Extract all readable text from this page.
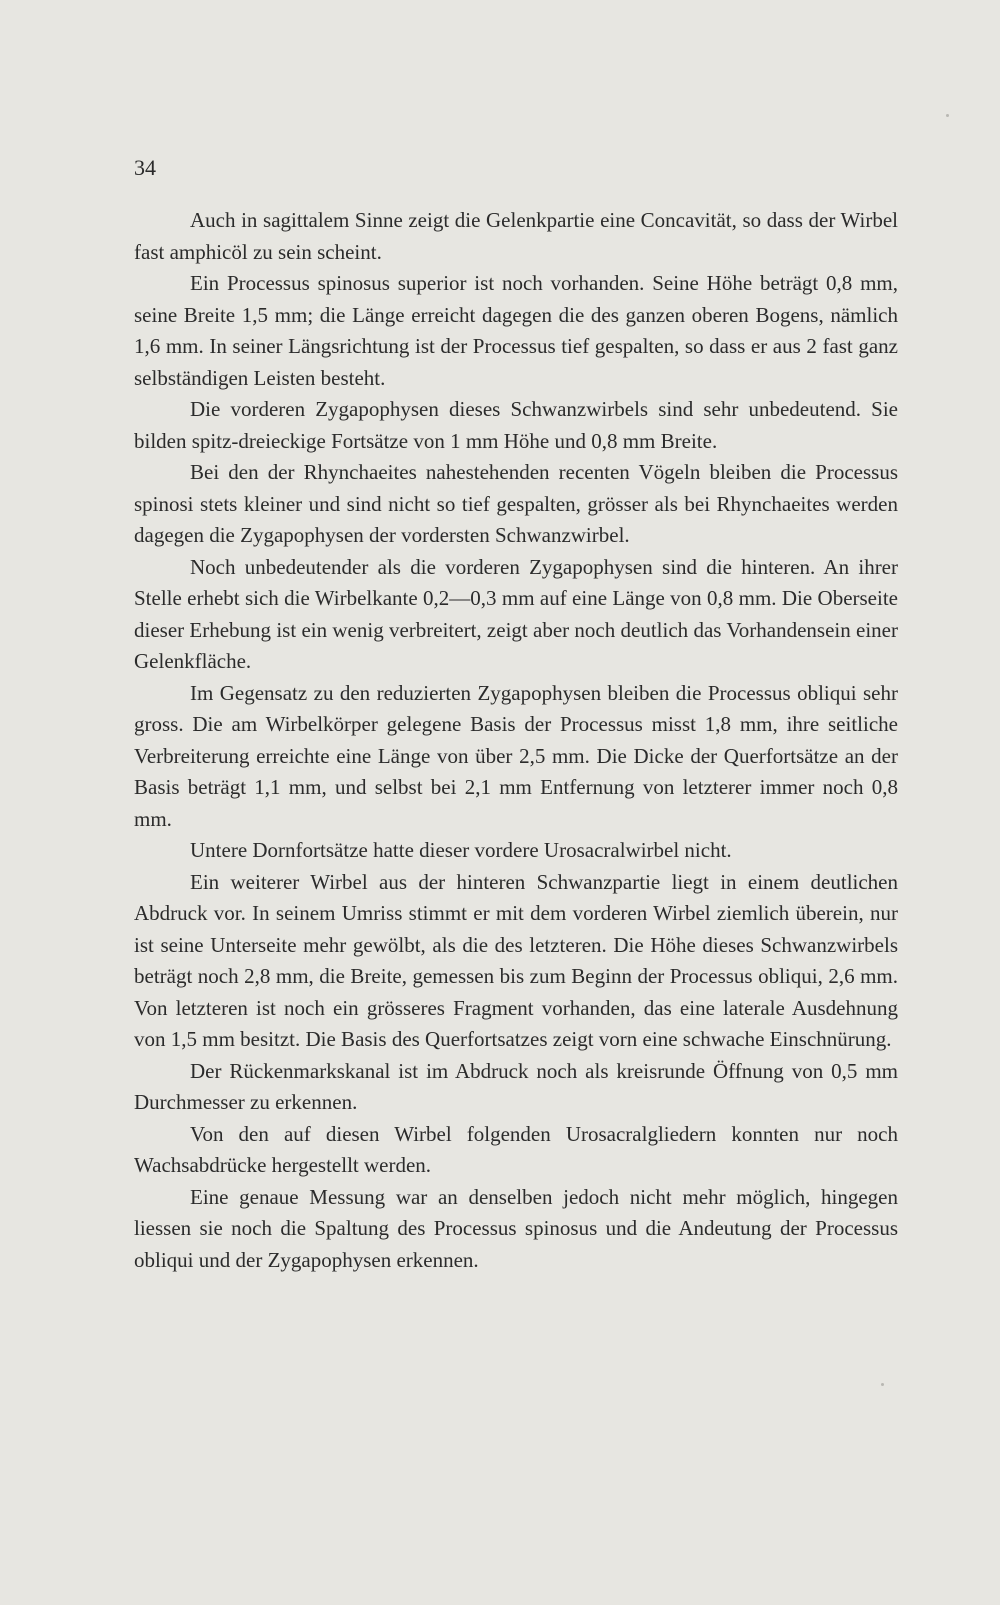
34

Auch in sagittalem Sinne zeigt die Gelenkpartie eine Concavität, so dass der Wirbel fast amphicöl zu sein scheint.

Ein Processus spinosus superior ist noch vorhanden. Seine Höhe beträgt 0,8 mm, seine Breite 1,5 mm; die Länge erreicht dagegen die des ganzen oberen Bogens, nämlich 1,6 mm. In seiner Längsrichtung ist der Processus tief gespalten, so dass er aus 2 fast ganz selbständigen Leisten besteht.

Die vorderen Zygapophysen dieses Schwanzwirbels sind sehr unbedeutend. Sie bilden spitz-dreieckige Fortsätze von 1 mm Höhe und 0,8 mm Breite.

Bei den der Rhynchaeites nahestehenden recenten Vögeln bleiben die Processus spinosi stets kleiner und sind nicht so tief gespalten, grösser als bei Rhynchaeites werden dagegen die Zygapophysen der vordersten Schwanzwirbel.

Noch unbedeutender als die vorderen Zygapophysen sind die hinteren. An ihrer Stelle erhebt sich die Wirbelkante 0,2—0,3 mm auf eine Länge von 0,8 mm. Die Oberseite dieser Erhebung ist ein wenig verbreitert, zeigt aber noch deutlich das Vorhandensein einer Gelenkfläche.

Im Gegensatz zu den reduzierten Zygapophysen bleiben die Processus obliqui sehr gross. Die am Wirbelkörper gelegene Basis der Processus misst 1,8 mm, ihre seitliche Verbreiterung erreichte eine Länge von über 2,5 mm. Die Dicke der Querfortsätze an der Basis beträgt 1,1 mm, und selbst bei 2,1 mm Entfernung von letzterer immer noch 0,8 mm.

Untere Dornfortsätze hatte dieser vordere Urosacralwirbel nicht.

Ein weiterer Wirbel aus der hinteren Schwanzpartie liegt in einem deutlichen Abdruck vor. In seinem Umriss stimmt er mit dem vorderen Wirbel ziemlich überein, nur ist seine Unterseite mehr gewölbt, als die des letzteren. Die Höhe dieses Schwanzwirbels beträgt noch 2,8 mm, die Breite, gemessen bis zum Beginn der Processus obliqui, 2,6 mm. Von letzteren ist noch ein grösseres Fragment vorhanden, das eine laterale Ausdehnung von 1,5 mm besitzt. Die Basis des Querfortsatzes zeigt vorn eine schwache Einschnürung.

Der Rückenmarkskanal ist im Abdruck noch als kreisrunde Öffnung von 0,5 mm Durchmesser zu erkennen.

Von den auf diesen Wirbel folgenden Urosacralgliedern konnten nur noch Wachsabdrücke hergestellt werden.

Eine genaue Messung war an denselben jedoch nicht mehr möglich, hingegen liessen sie noch die Spaltung des Processus spinosus und die Andeutung der Processus obliqui und der Zygapophysen erkennen.
